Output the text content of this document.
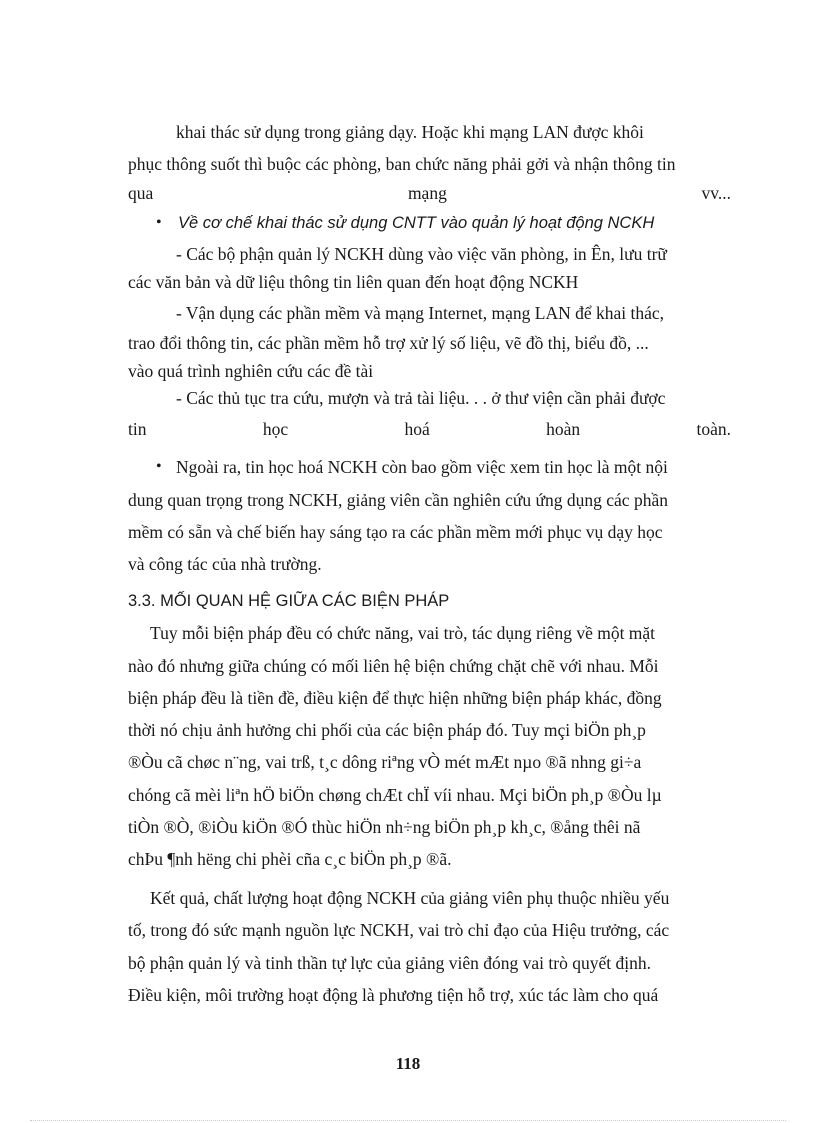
khai thác sử dụng trong giảng dạy. Hoặc khi mạng LAN được khôi
phục thông suốt thì buộc các phòng, ban chức năng phải gởi và nhận thông tin
qua	mạng	vv...
• Về cơ chế khai thác sử dụng CNTT vào quản lý hoạt động NCKH
- Các bộ phận quản lý NCKH dùng vào việc văn phòng, in Ên, lưu trữ
các văn bản và dữ liệu thông tin liên quan đến hoạt động NCKH
- Vận dụng các phần mềm và mạng Internet, mạng LAN để khai thác,
trao đổi thông tin, các phần mềm hỗ trợ xử lý số liệu, vẽ đồ thị, biểu đồ, ...
vào quá trình nghiên cứu các đề tài
- Các thủ tục tra cứu, mượn và trả tài liệu. . . ở thư viện cần phải được
tin	học	hoá	hoàn	toàn.
• Ngoài ra, tin học hoá NCKH còn bao gồm việc xem tin học là một nội
dung quan trọng trong NCKH, giảng viên cần nghiên cứu ứng dụng các phần
mềm có sẵn và chế biến hay sáng tạo ra các phần mềm mới phục vụ dạy học
và công tác của nhà trường.
3.3. MỐI QUAN HỆ GIỮA CÁC BIỆN PHÁP
Tuy mỗi biện pháp đều có chức năng, vai trò, tác dụng riêng về một mặt
nào đó nhưng giữa chúng có mối liên hệ biện chứng chặt chẽ với nhau. Mỗi
biện pháp đều là tiền đề, điều kiện để thực hiện những biện pháp khác, đồng
thời nó chịu ảnh hưởng chi phối của các biện pháp đó. Tuy mçi biÖn ph¸p
®Òu cã chøc n¨ng, vai trß, t¸c dông riªng vÒ mét mÆt nµo ®ã nhng gi÷a
chóng cã mèi liªn hÖ biÖn chøng chÆt chÏ víi nhau. Mçi biÖn ph¸p ®Òu lµ
tiÒn ®Ò, ®iÒu kiÖn ®Ó thùc hiÖn nh÷ng biÖn ph¸p kh¸c, ®ång thêi nã
chÞu ¶nh hëng chi phèi cña c¸c biÖn ph¸p ®ã.
Kết quả, chất lượng hoạt động NCKH của giảng viên phụ thuộc nhiều yếu
tố, trong đó sức mạnh nguồn lực NCKH, vai trò chỉ đạo của Hiệu trưởng, các
bộ phận quản lý và tinh thần tự lực của giảng viên đóng vai trò quyết định.
Điều kiện, môi trường hoạt động là phương tiện hỗ trợ, xúc tác làm cho quá
118
